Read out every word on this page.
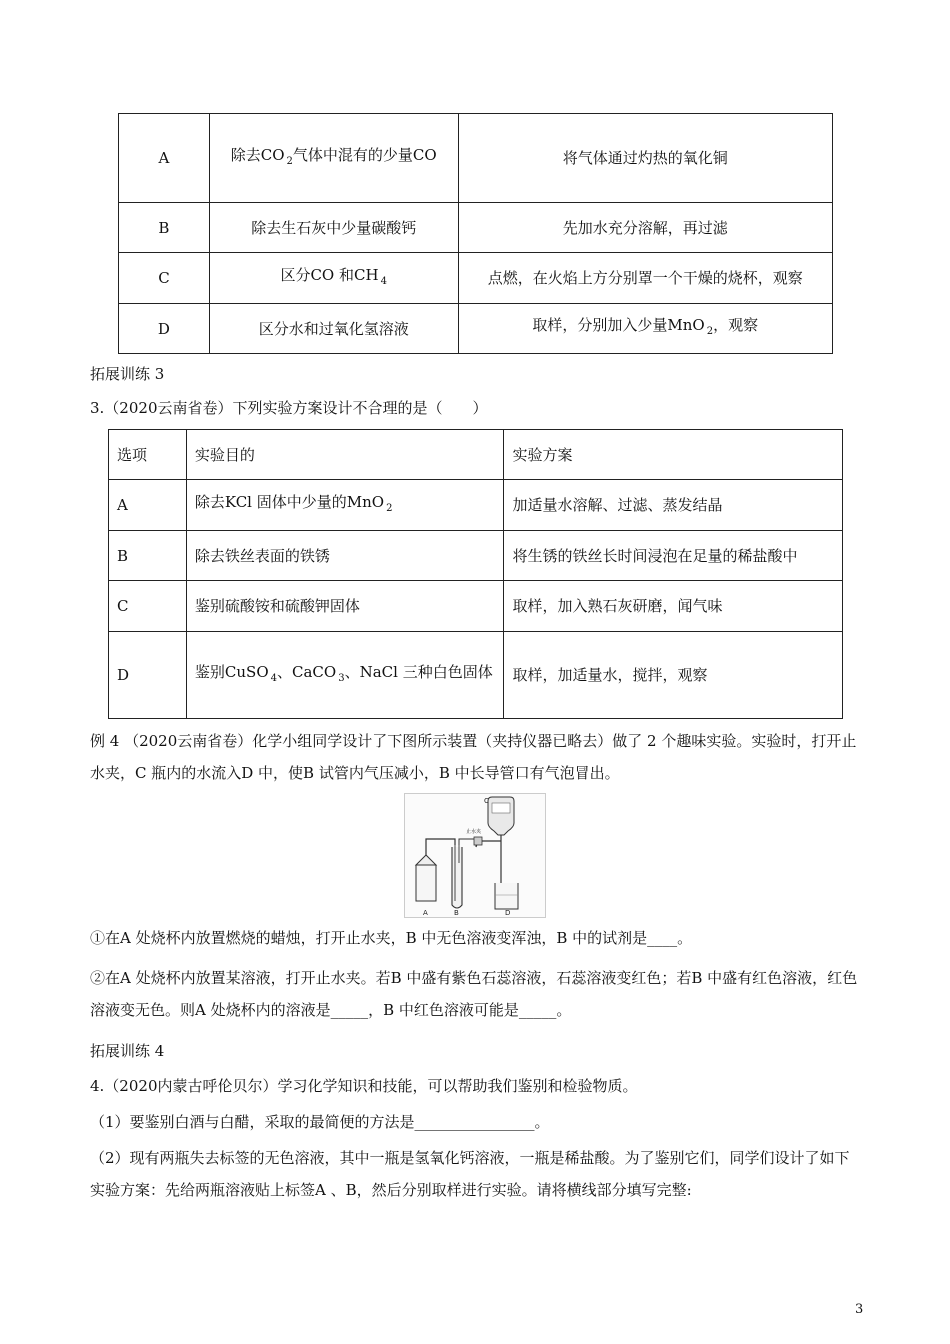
A	除去CO $_2$气体中混有的少量CO	将气体通过灼热的氧化铜
B	除去生石灰中少量碳酸钙	先加水充分溶解，再过滤
C	区分CO 和CH $_4$	点燃，在火焰上方分别罩一个干燥的烧杯，观察
D	区分水和过氧化氢溶液	取样，分别加入少量MnO $_2$，观察
拓展训练 3
3.（2020云南省卷）下列实验方案设计不合理的是（　　）
选项	实验目的	实验方案
A	除去KCl 固体中少量的MnO $_2$	加适量水溶解、过滤、蒸发结晶
B	除去铁丝表面的铁锈	将生锈的铁丝长时间浸泡在足量的稀盐酸中
C	鉴别硫酸铵和硫酸钾固体	取样，加入熟石灰研磨，闻气味
D	鉴别CuSO $_4$、CaCO $_3$、NaCl 三种白色固体	取样，加适量水，搅拌，观察
例 4 （2020云南省卷）化学小组同学设计了下图所示装置（夹持仪器已略去）做了 2 个趣味实验。实验时，打开止水夹，C 瓶内的水流入D 中，使B 试管内气压减小，B 中长导管口有气泡冒出。
A	B
C
D
止水夹
①在A 处烧杯内放置燃烧的蜡烛，打开止水夹，B 中无色溶液变浑浊，B 中的试剂是____。
②在A 处烧杯内放置某溶液，打开止水夹。若B 中盛有紫色石蕊溶液，石蕊溶液变红色；若B 中盛有红色溶液，红色溶液变无色。则A 处烧杯内的溶液是_____，B 中红色溶液可能是_____。
拓展训练 4
4.（2020内蒙古呼伦贝尔）学习化学知识和技能，可以帮助我们鉴别和检验物质。
（1）要鉴别白酒与白醋，采取的最简便的方法是________________。
（2）现有两瓶失去标签的无色溶液，其中一瓶是氢氧化钙溶液，一瓶是稀盐酸。为了鉴别它们，同学们设计了如下实验方案：先给两瓶溶液贴上标签A 、B，然后分别取样进行实验。请将横线部分填写完整:
3
